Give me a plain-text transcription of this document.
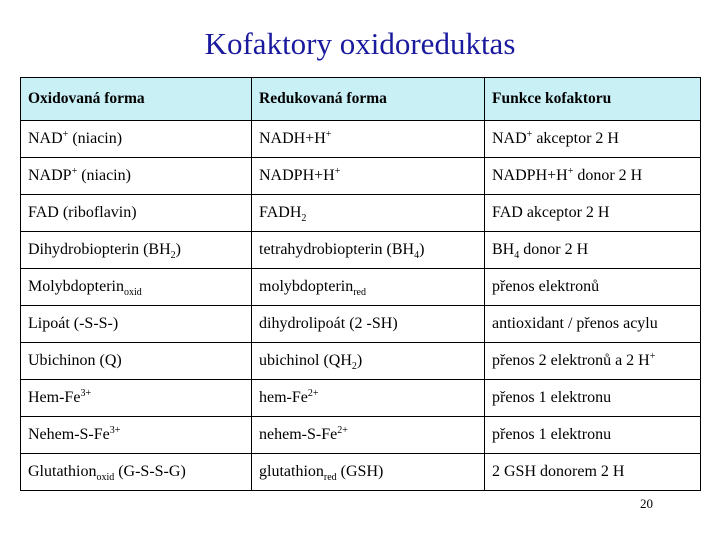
Kofaktory oxidoreduktas
Oxidovaná forma	Redukovaná forma	Funkce kofaktoru
NAD+ (niacin)	NADH+H+	NAD+ akceptor 2 H
NADP+ (niacin)	NADPH+H+	NADPH+H+ donor 2 H
FAD (riboflavin)	$FADH_2$	FAD akceptor 2 H
Dihydrobiopterin $(BH_2)$	tetrahydrobiopterin $(BH_4)$	$BH_4$ donor 2 H
Molybdopterin$_{oxid}$	molybdopterin$_{red}$	přenos elektronů
Lipoát (-S-S-)	dihydrolipoát (2 -SH)	antioxidant / přenos acylu
Ubichinon (Q)	ubichinol $(QH_2)$	přenos 2 elektronů a 2 H+
Hem-$Fe^{3+}$	hem-$Fe^{2+}$	přenos 1 elektronu
Nehem-$S-Fe^{3+}$	nehem-$S-Fe^{2+}$	přenos 1 elektronu
Glutathion$_{oxid}$ (G-S-S-G)	glutathion$_{red}$ (GSH)	2 GSH donorem 2 H
20
